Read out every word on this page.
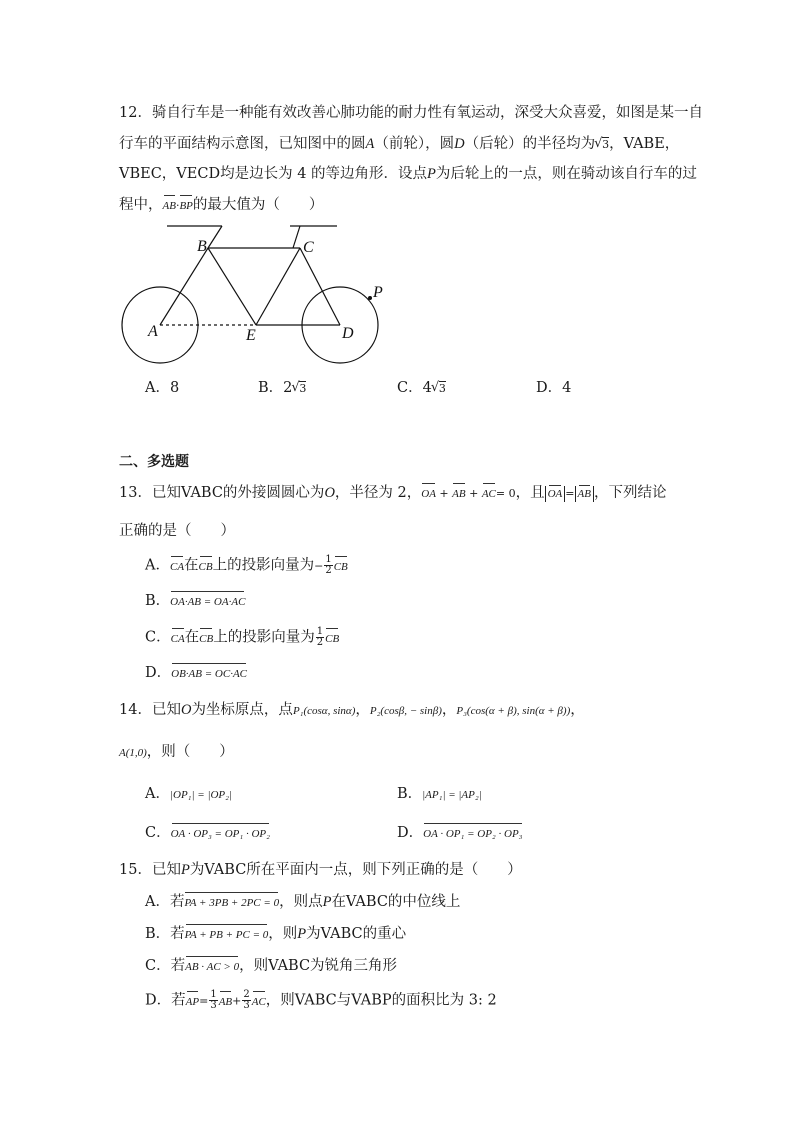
12．骑自行车是一种能有效改善心肺功能的耐力性有氧运动，深受大众喜爱，如图是某一自
行车的平面结构示意图，已知图中的圆A（前轮），圆D（后轮）的半径均为 √ 3，VABE，
VBEC，VECD均是边长为 4 的等边角形．设点P为后轮上的一点，则在骑动该自行车的过
程中，AB·BP的最大值为（　　）
B	C
A	E	D
P
A．8	B．2 √ 3	C．4 √ 3	D．4
二、多选题
13．已知VABC的外接圆圆心为O，半径为 2，OA + AB + AC= 0，且 OA = AB ，下列结论
正确的是（　　）
A．CA在CB上的投影向量为− $\frac{1}{2}$ CB
B．OA·AB = OA·AC
C．CA在CB上的投影向量为 $\frac{1}{2}$ CB
D．OB·AB = OC·AC
14．已知O为坐标原点，点P₁(cosα, sinα)，P₂(cosβ, − sinβ)，P₃(cos(α + β), sin(α + β))，
A(1,0)，则（　　）
A．|OP₁| = |OP₂|	B．|AP₁| = |AP₂|
C．OA · OP₃ = OP₁ · OP₂	D．OA · OP₁ = OP₂ · OP₃
15．已知P为VABC所在平面内一点，则下列正确的是（　　）
A．若PA + 3PB + 2PC = 0，则点P在VABC的中位线上
B．若PA + PB + PC = 0，则P为VABC的重心
C．若AB · AC > 0，则VABC为锐角三角形
D．若$AP= \frac{1}{3} AB+ \frac{2}{3}$ AC，则VABC与VABP的面积比为 3: 2
